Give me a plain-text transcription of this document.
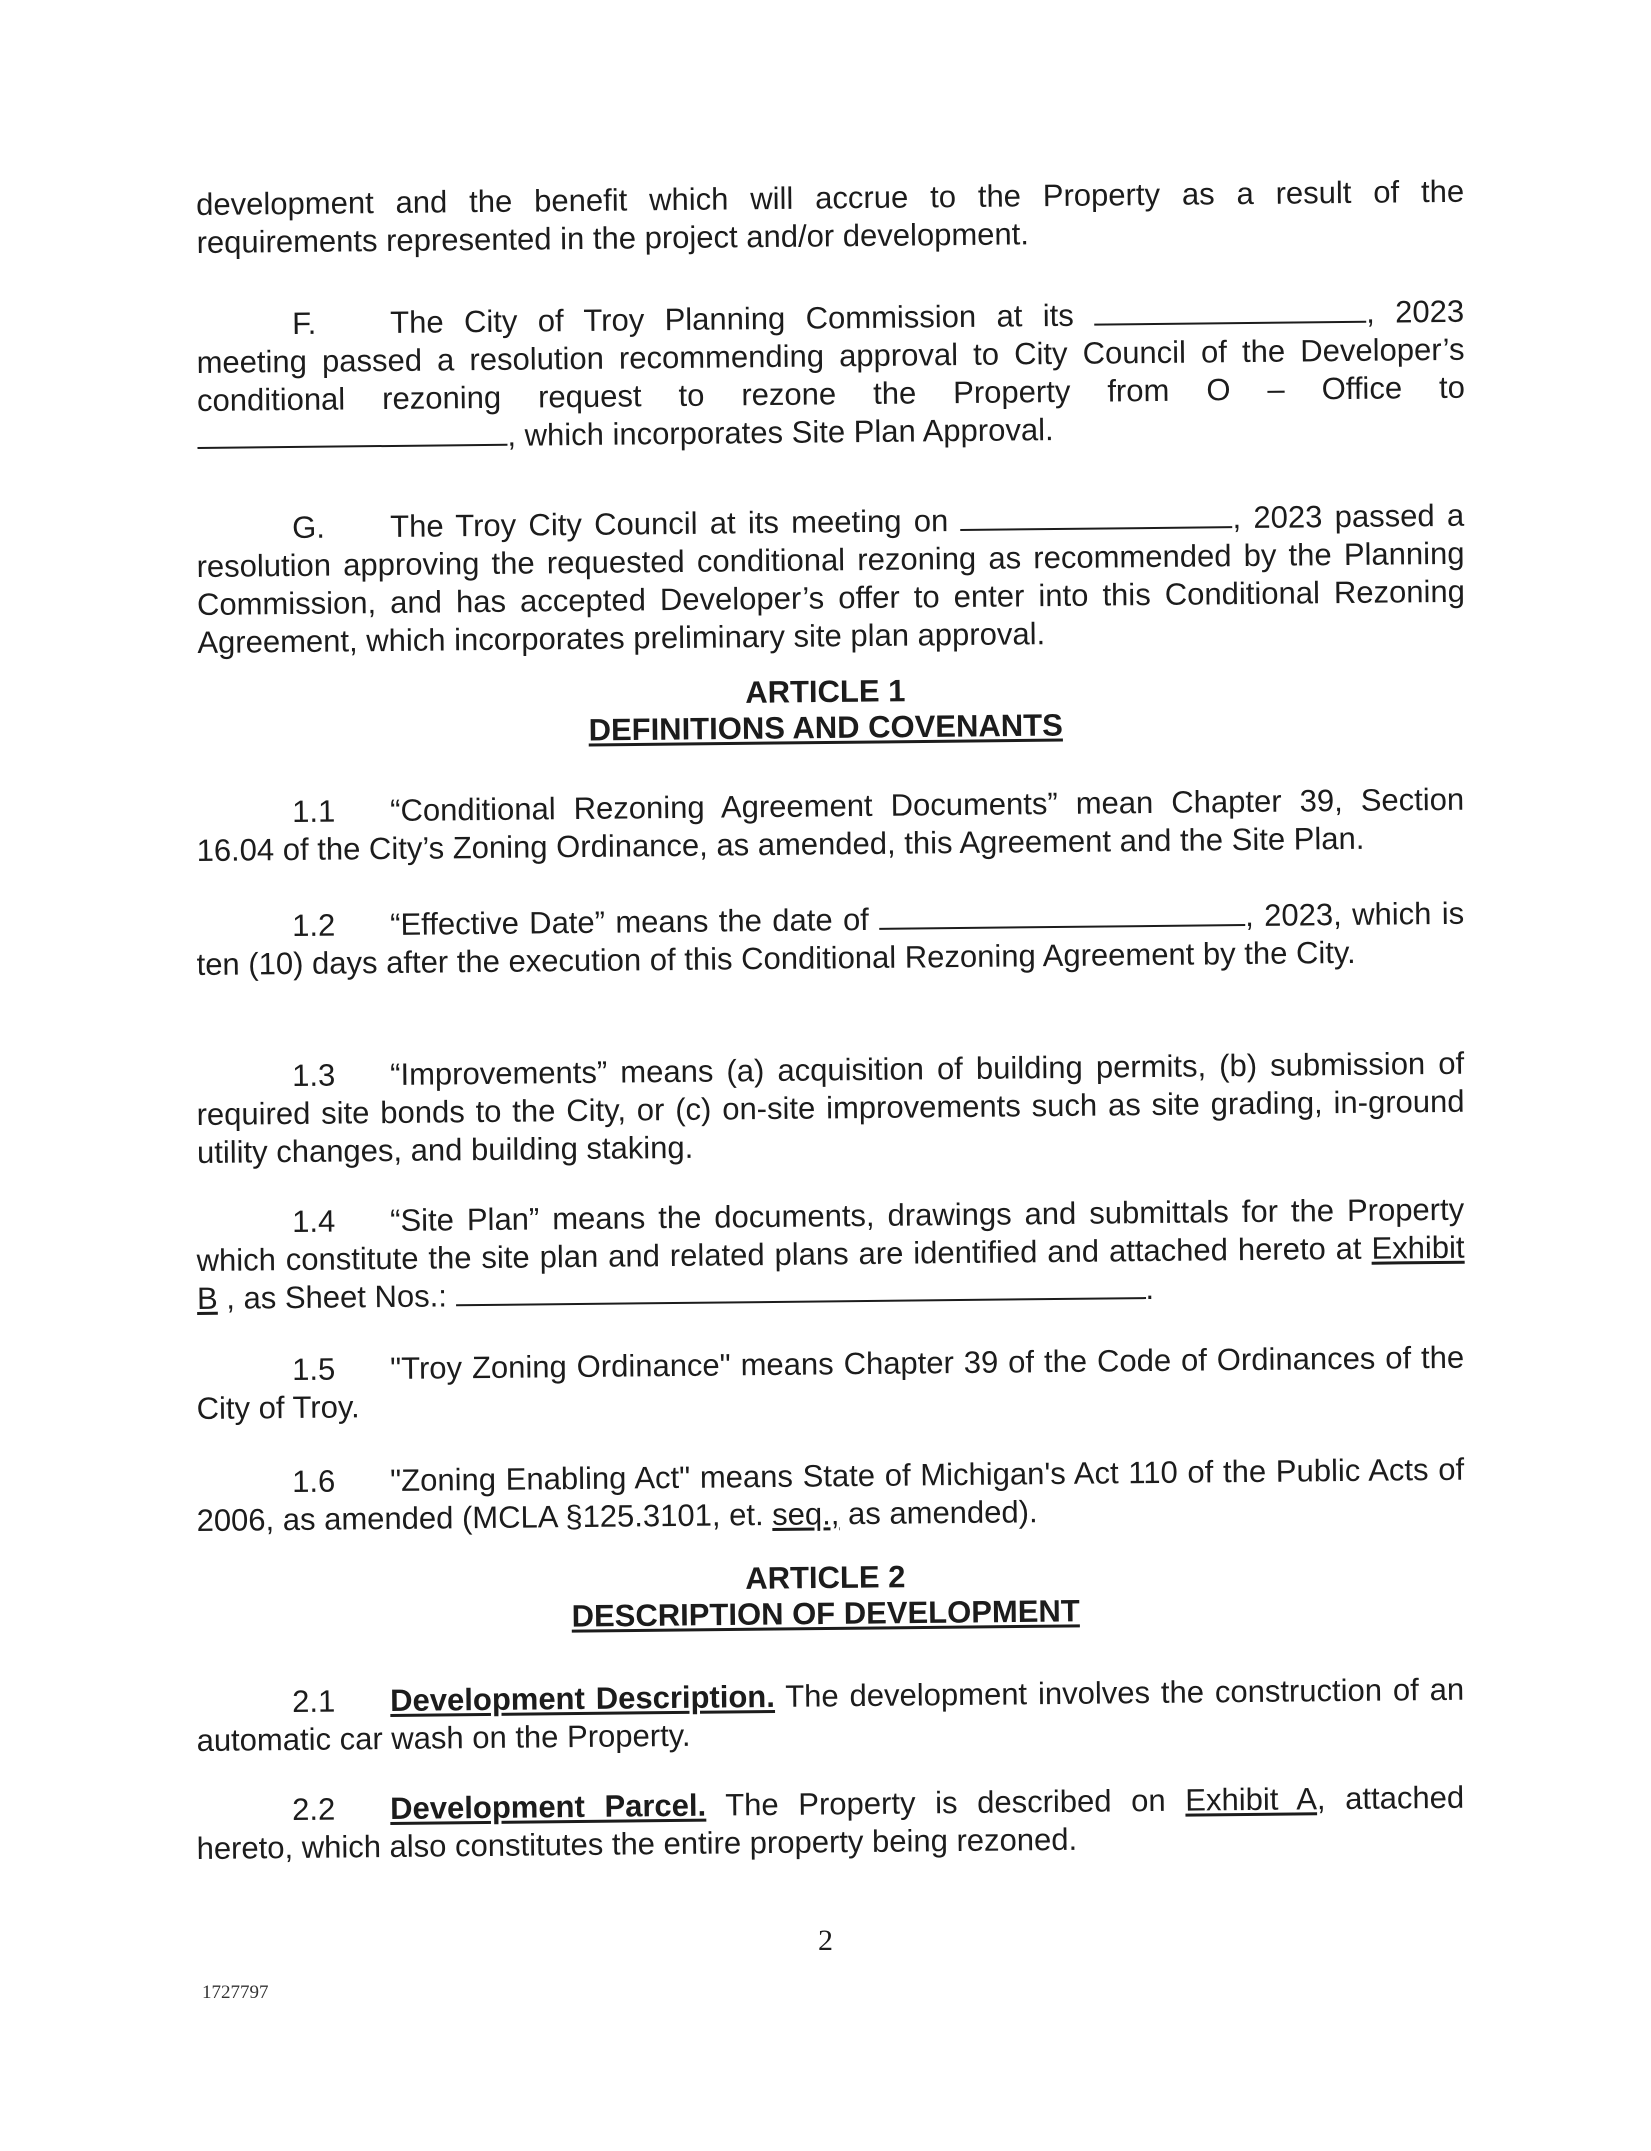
development and the benefit which will accrue to the Property as a result of the requirements represented in the project and/or development.

F. The City of Troy Planning Commission at its	, 2023 meeting passed a resolution recommending approval to City Council of the Developer’s conditional rezoning request to rezone the Property from O – Office to , which incorporates Site Plan Approval.

G. The Troy City Council at its meeting on	, 2023 passed a resolution approving the requested conditional rezoning as recommended by the Planning Commission, and has accepted Developer’s offer to enter into this Conditional Rezoning Agreement, which incorporates preliminary site plan approval.

ARTICLE 1
DEFINITIONS AND COVENANTS

1.1 “Conditional Rezoning Agreement Documents” mean Chapter 39, Section 16.04 of the City’s Zoning Ordinance, as amended, this Agreement and the Site Plan.

1.2 “Effective Date” means the date of	, 2023, which is ten (10) days after the execution of this Conditional Rezoning Agreement by the City.

1.3 “Improvements” means (a) acquisition of building permits, (b) submission of required site bonds to the City, or (c) on-site improvements such as site grading, in-ground utility changes, and building staking.

1.4 “Site Plan” means the documents, drawings and submittals for the Property which constitute the site plan and related plans are identified and attached hereto at Exhibit B , as Sheet Nos.:	.

1.5 "Troy Zoning Ordinance" means Chapter 39 of the Code of Ordinances of the City of Troy.

1.6 "Zoning Enabling Act" means State of Michigan's Act 110 of the Public Acts of 2006, as amended (MCLA §125.3101, et. seq., as amended).

ARTICLE 2
DESCRIPTION OF DEVELOPMENT

2.1 Development Description. The development involves the construction of an automatic car wash on the Property.

2.2 Development Parcel. The Property is described on Exhibit A, attached hereto, which also constitutes the entire property being rezoned.

2
1727797
